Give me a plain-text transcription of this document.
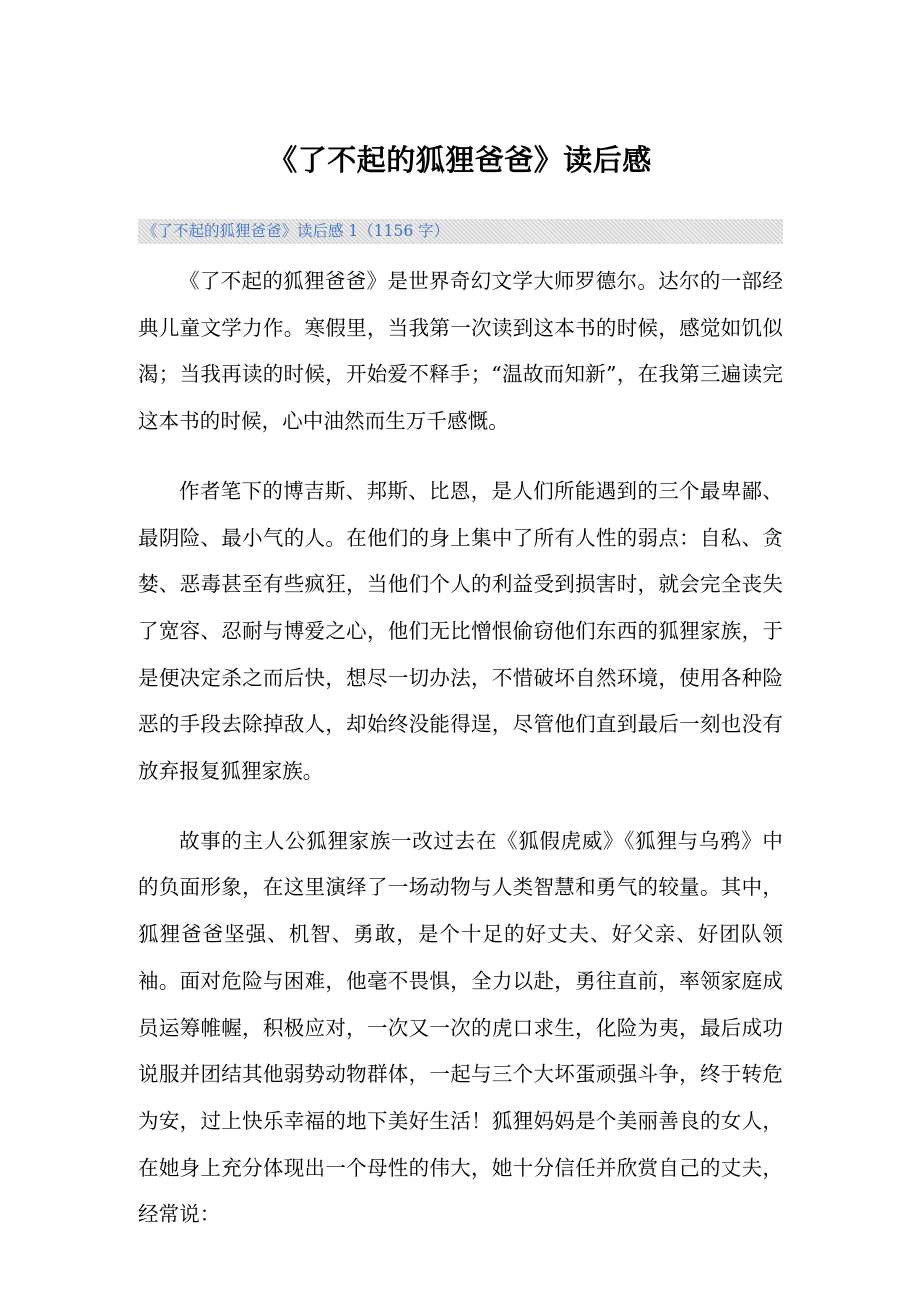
《了不起的狐狸爸爸》读后感
《了不起的狐狸爸爸》读后感 1（1156 字）

《了不起的狐狸爸爸》是世界奇幻文学大师罗德尔。达尔的一部经典儿童文学力作。寒假里，当我第一次读到这本书的时候，感觉如饥似渴；当我再读的时候，开始爱不释手；“温故而知新”，在我第三遍读完这本书的时候，心中油然而生万千感慨。

作者笔下的博吉斯、邦斯、比恩，是人们所能遇到的三个最卑鄙、最阴险、最小气的人。在他们的身上集中了所有人性的弱点：自私、贪婪、恶毒甚至有些疯狂，当他们个人的利益受到损害时，就会完全丧失了宽容、忍耐与博爱之心，他们无比憎恨偷窃他们东西的狐狸家族，于是便决定杀之而后快，想尽一切办法，不惜破坏自然环境，使用各种险恶的手段去除掉敌人，却始终没能得逞，尽管他们直到最后一刻也没有放弃报复狐狸家族。

故事的主人公狐狸家族一改过去在《狐假虎威》《狐狸与乌鸦》中的负面形象，在这里演绎了一场动物与人类智慧和勇气的较量。其中，狐狸爸爸坚强、机智、勇敢，是个十足的好丈夫、好父亲、好团队领袖。面对危险与困难，他毫不畏惧，全力以赴，勇往直前，率领家庭成员运筹帷幄，积极应对，一次又一次的虎口求生，化险为夷，最后成功说服并团结其他弱势动物群体，一起与三个大坏蛋顽强斗争，终于转危为安，过上快乐幸福的地下美好生活！狐狸妈妈是个美丽善良的女人，在她身上充分体现出一个母性的伟大，她十分信任并欣赏自己的丈夫，经常说：
